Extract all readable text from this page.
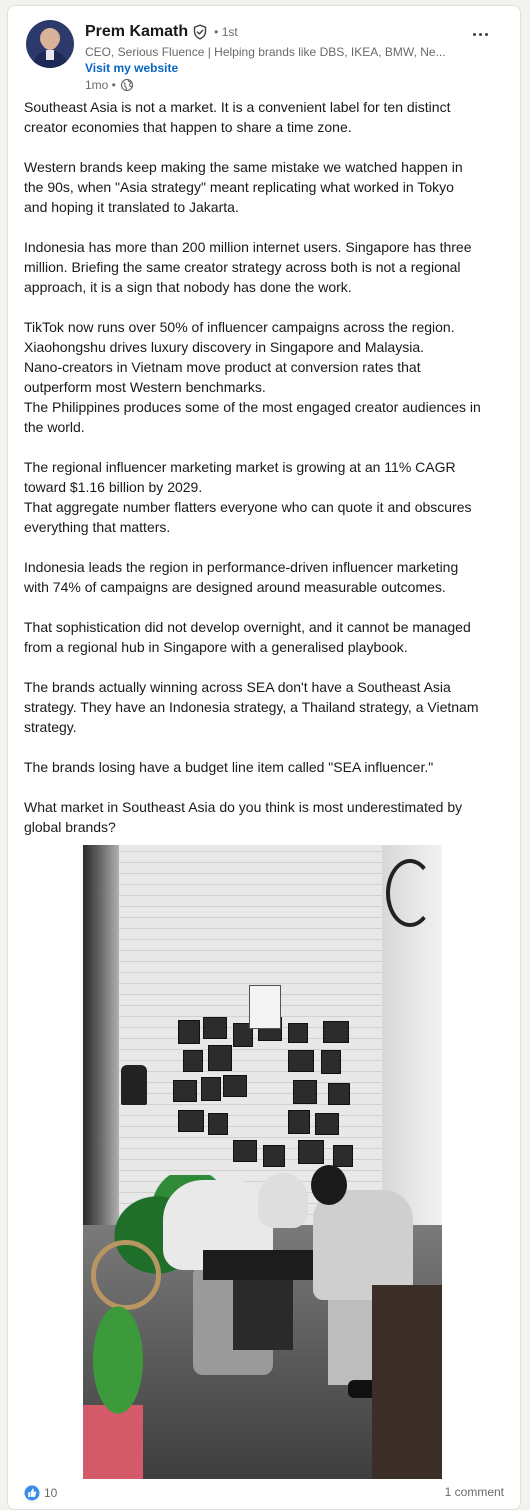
Prem Kamath • 1st
CEO, Serious Fluence | Helping brands like DBS, IKEA, BMW, Ne...
Visit my website
1mo •

Southeast Asia is not a market. It is a convenient label for ten distinct
creator economies that happen to share a time zone.

Western brands keep making the same mistake we watched happen in
the 90s, when "Asia strategy" meant replicating what worked in Tokyo
and hoping it translated to Jakarta.

Indonesia has more than 200 million internet users. Singapore has three
million. Briefing the same creator strategy across both is not a regional
approach, it is a sign that nobody has done the work.

TikTok now runs over 50% of influencer campaigns across the region.
Xiaohongshu drives luxury discovery in Singapore and Malaysia.
Nano-creators in Vietnam move product at conversion rates that
outperform most Western benchmarks.
The Philippines produces some of the most engaged creator audiences in
the world.

The regional influencer marketing market is growing at an 11% CAGR
toward $1.16 billion by 2029.
That aggregate number flatters everyone who can quote it and obscures
everything that matters.

Indonesia leads the region in performance-driven influencer marketing
with 74% of campaigns are designed around measurable outcomes.

That sophistication did not develop overnight, and it cannot be managed
from a regional hub in Singapore with a generalised playbook.

The brands actually winning across SEA don't have a Southeast Asia
strategy. They have an Indonesia strategy, a Thailand strategy, a Vietnam
strategy.

The brands losing have a budget line item called "SEA influencer."

What market in Southeast Asia do you think is most underestimated by
global brands?

10	1 comment
